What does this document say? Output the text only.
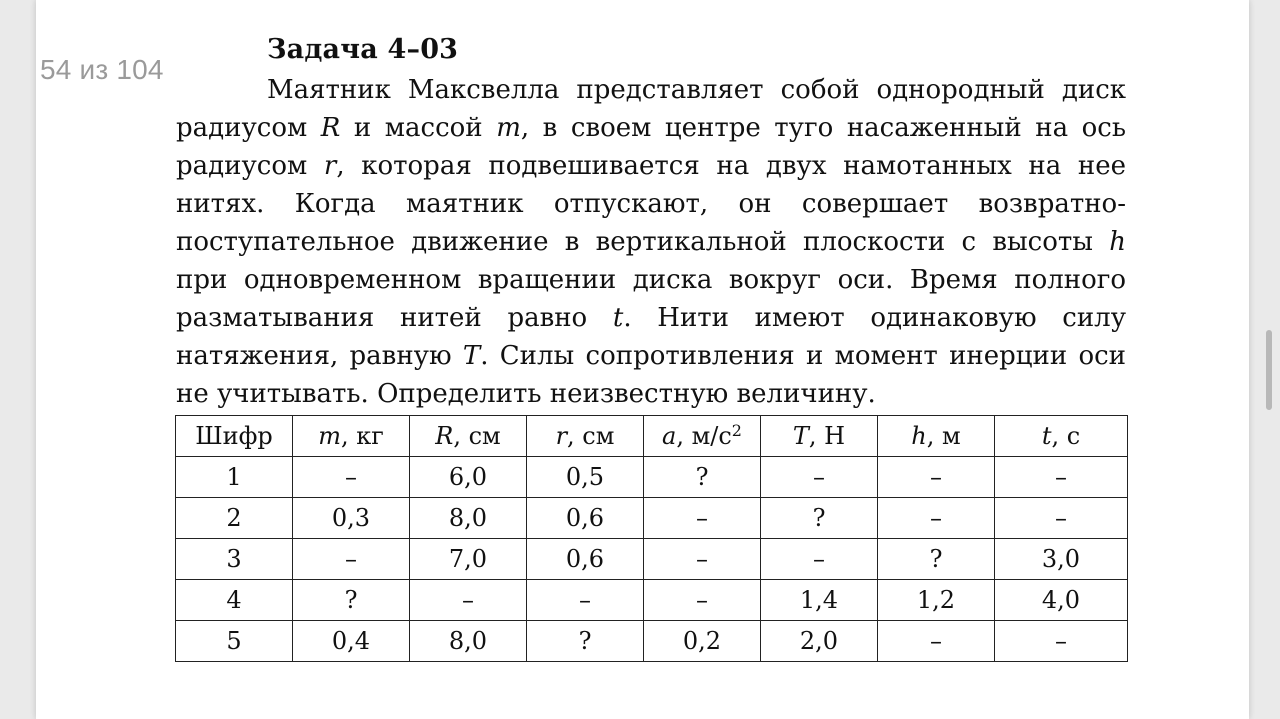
54 из 104
Задача 4–03
Маятник Максвелла представляет собой однородный диск радиусом R и массой m, в своем центре туго насаженный на ось радиусом r, которая подвешивается на двух намотанных на нее нитях. Когда маятник отпускают, он совершает возвратно-поступательное движение в вертикальной плоскости с высоты h при одновременном вращении диска вокруг оси. Время полного разматывания нитей равно t. Нити имеют одинаковую силу натяжения, равную T. Силы сопротивления и момент инерции оси не учитывать. Определить неизвестную величину.
Шифр	m, кг	R, см	r, см	a, $м/с^2$	T, Н	h, м	t, с
1	–	6,0	0,5	?	–	–	–
2	0,3	8,0	0,6	–	?	–	–
3	–	7,0	0,6	–	–	?	3,0
4	?	–	–	–	1,4	1,2	4,0
5	0,4	8,0	?	0,2	2,0	–	–
